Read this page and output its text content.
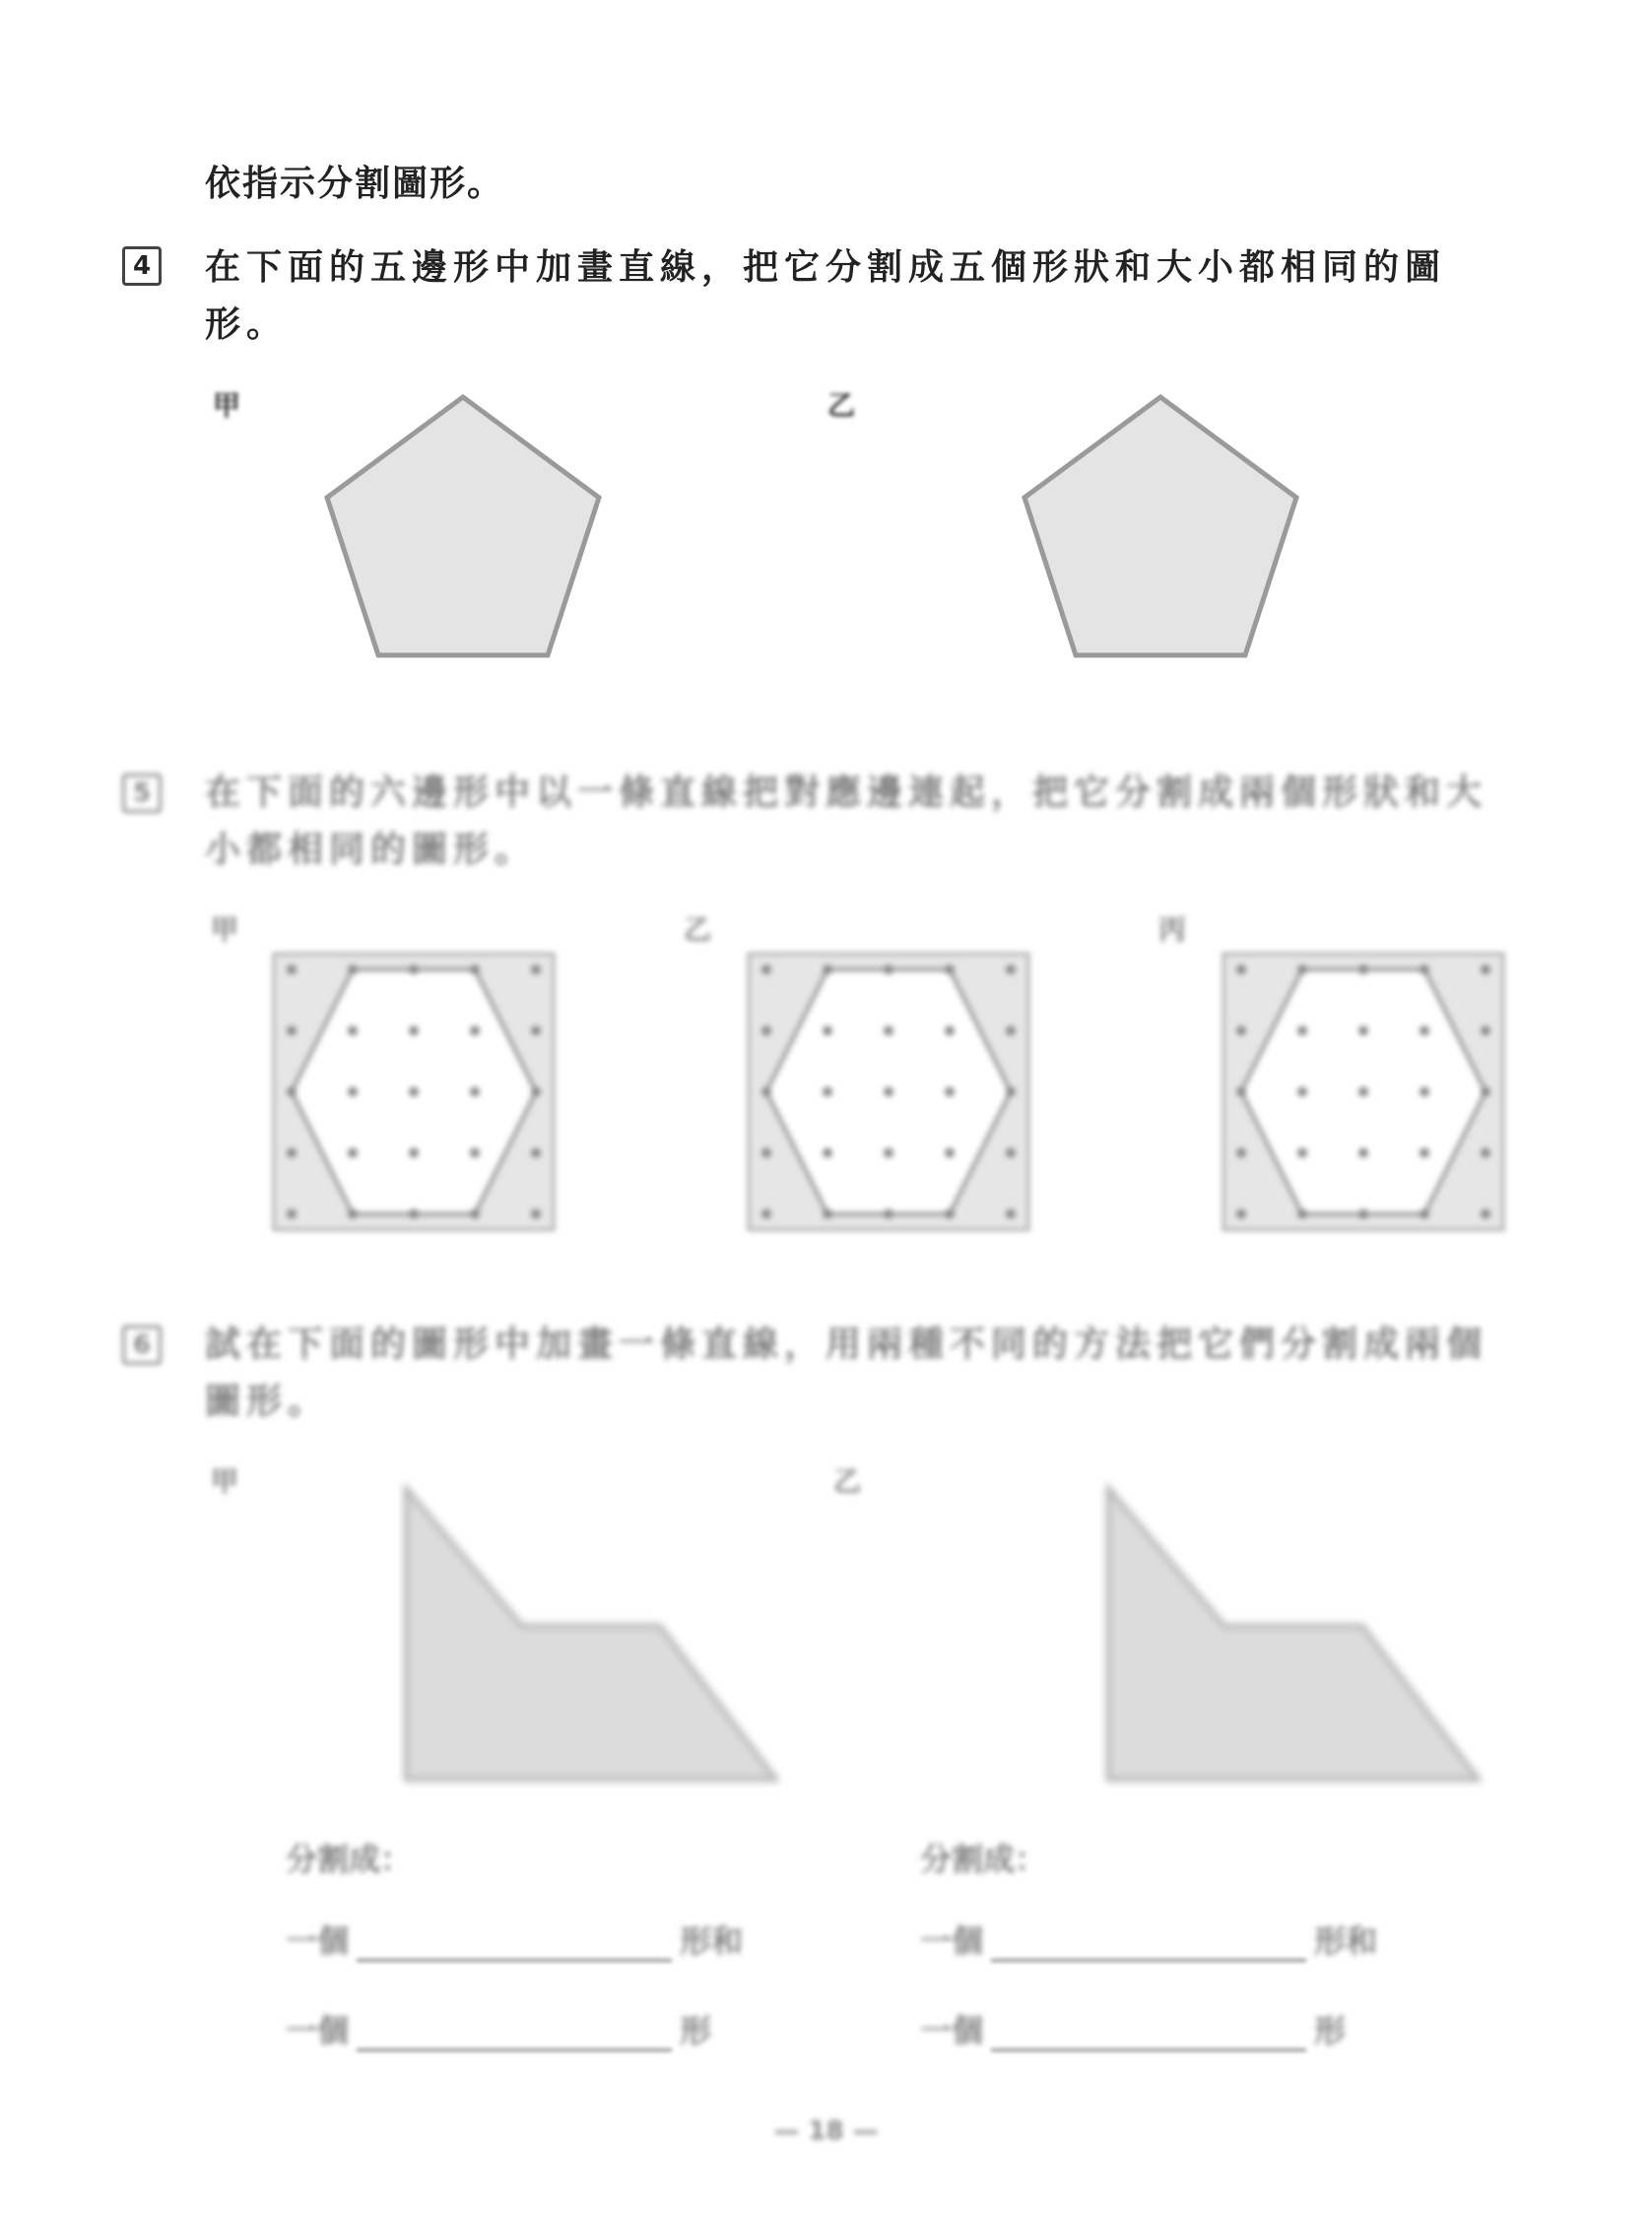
依指示分割圖形。
4	在下面的五邊形中加畫直線，把它分割成五個形狀和大小都相同的圖
形。
甲	乙
5	在下面的六邊形中以一條直線把對應邊連起，把它分割成兩個形狀和大
小都相同的圖形。
甲	乙	丙
6	試在下面的圖形中加畫一條直線，用兩種不同的方法把它們分割成兩個
圖形。
甲	乙
分割成：
一個	形和
一個	形
分割成：
一個	形和
一個	形
— 18 —
